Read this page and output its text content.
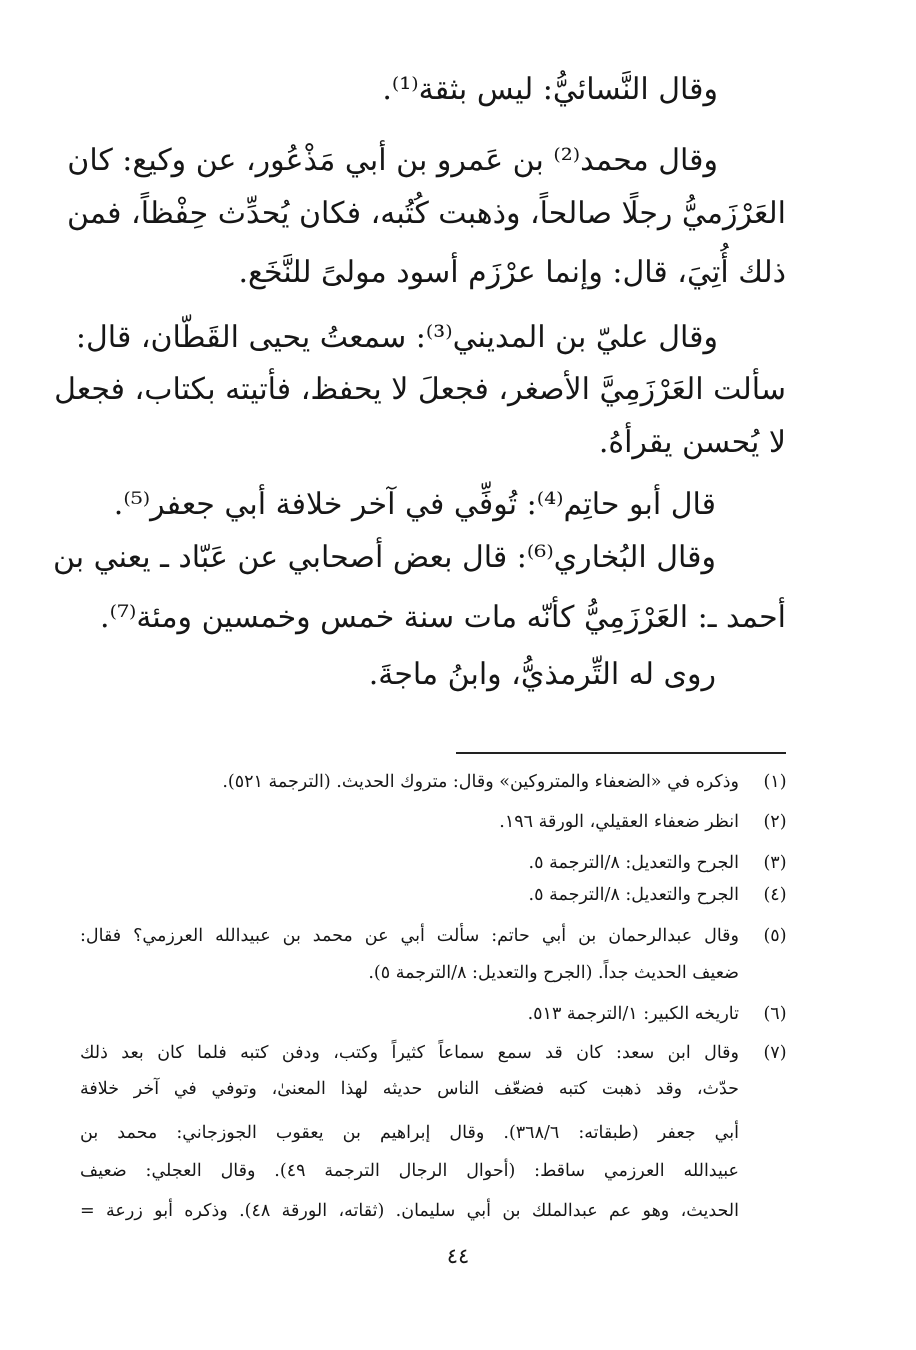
وقال النَّسائيُّ: ليس بثقة⁽¹⁾.

وقال محمد⁽²⁾ بن عَمرو بن أبي مَذْعُور، عن وكيع: كان

العَرْزَميُّ رجلًا صالحاً، وذهبت كُتُبه، فكان يُحدِّث حِفْظاً، فمن

ذلك أُتِيَ، قال: وإنما عرْزَم أسود مولىً للنَّخَع.

وقال عليّ بن المديني⁽³⁾: سمعتُ يحيى القَطّان، قال:

سألت العَرْزَمِيَّ الأصغر، فجعلَ لا يحفظ، فأتيته بكتاب، فجعل

لا يُحسن يقرأهُ.

قال أبو حاتِم⁽⁴⁾: تُوفِّي في آخر خلافة أبي جعفر⁽⁵⁾.

وقال البُخاري⁽⁶⁾: قال بعض أصحابي عن عَبّاد ـ يعني بن

أحمد ـ: العَرْزَمِيُّ كأنّه مات سنة خمس وخمسين ومئة⁽⁷⁾.

روى له التِّرمذيُّ، وابنُ ماجةَ.

(١)
وذكره في «الضعفاء والمتروكين» وقال: متروك الحديث. (الترجمة ٥٢١).
(٢)
انظر ضعفاء العقيلي، الورقة ١٩٦.
(٣)
الجرح والتعديل: ٨/الترجمة ٥.
(٤)
الجرح والتعديل: ٨/الترجمة ٥.
(٥)
وقال عبدالرحمان بن أبي حاتم: سألت أبي عن محمد بن عبيدالله العرزمي؟ فقال:
ضعيف الحديث جداً. (الجرح والتعديل: ٨/الترجمة ٥).
(٦)
تاريخه الكبير: ١/الترجمة ٥١٣.
(٧)
وقال ابن سعد: كان قد سمع سماعاً كثيراً وكتب، ودفن كتبه فلما كان بعد ذلك
حدّث، وقد ذهبت كتبه فضعّف الناس حديثه لهذا المعنىٰ، وتوفي في آخر خلافة
أبي جعفر (طبقاته: ٣٦٨/٦). وقال إبراهيم بن يعقوب الجوزجاني: محمد بن
عبيدالله العرزمي ساقط: (أحوال الرجال الترجمة ٤٩). وقال العجلي: ضعيف
الحديث، وهو عم عبدالملك بن أبي سليمان. (ثقاته، الورقة ٤٨). وذكره أبو زرعة =
٤٤
